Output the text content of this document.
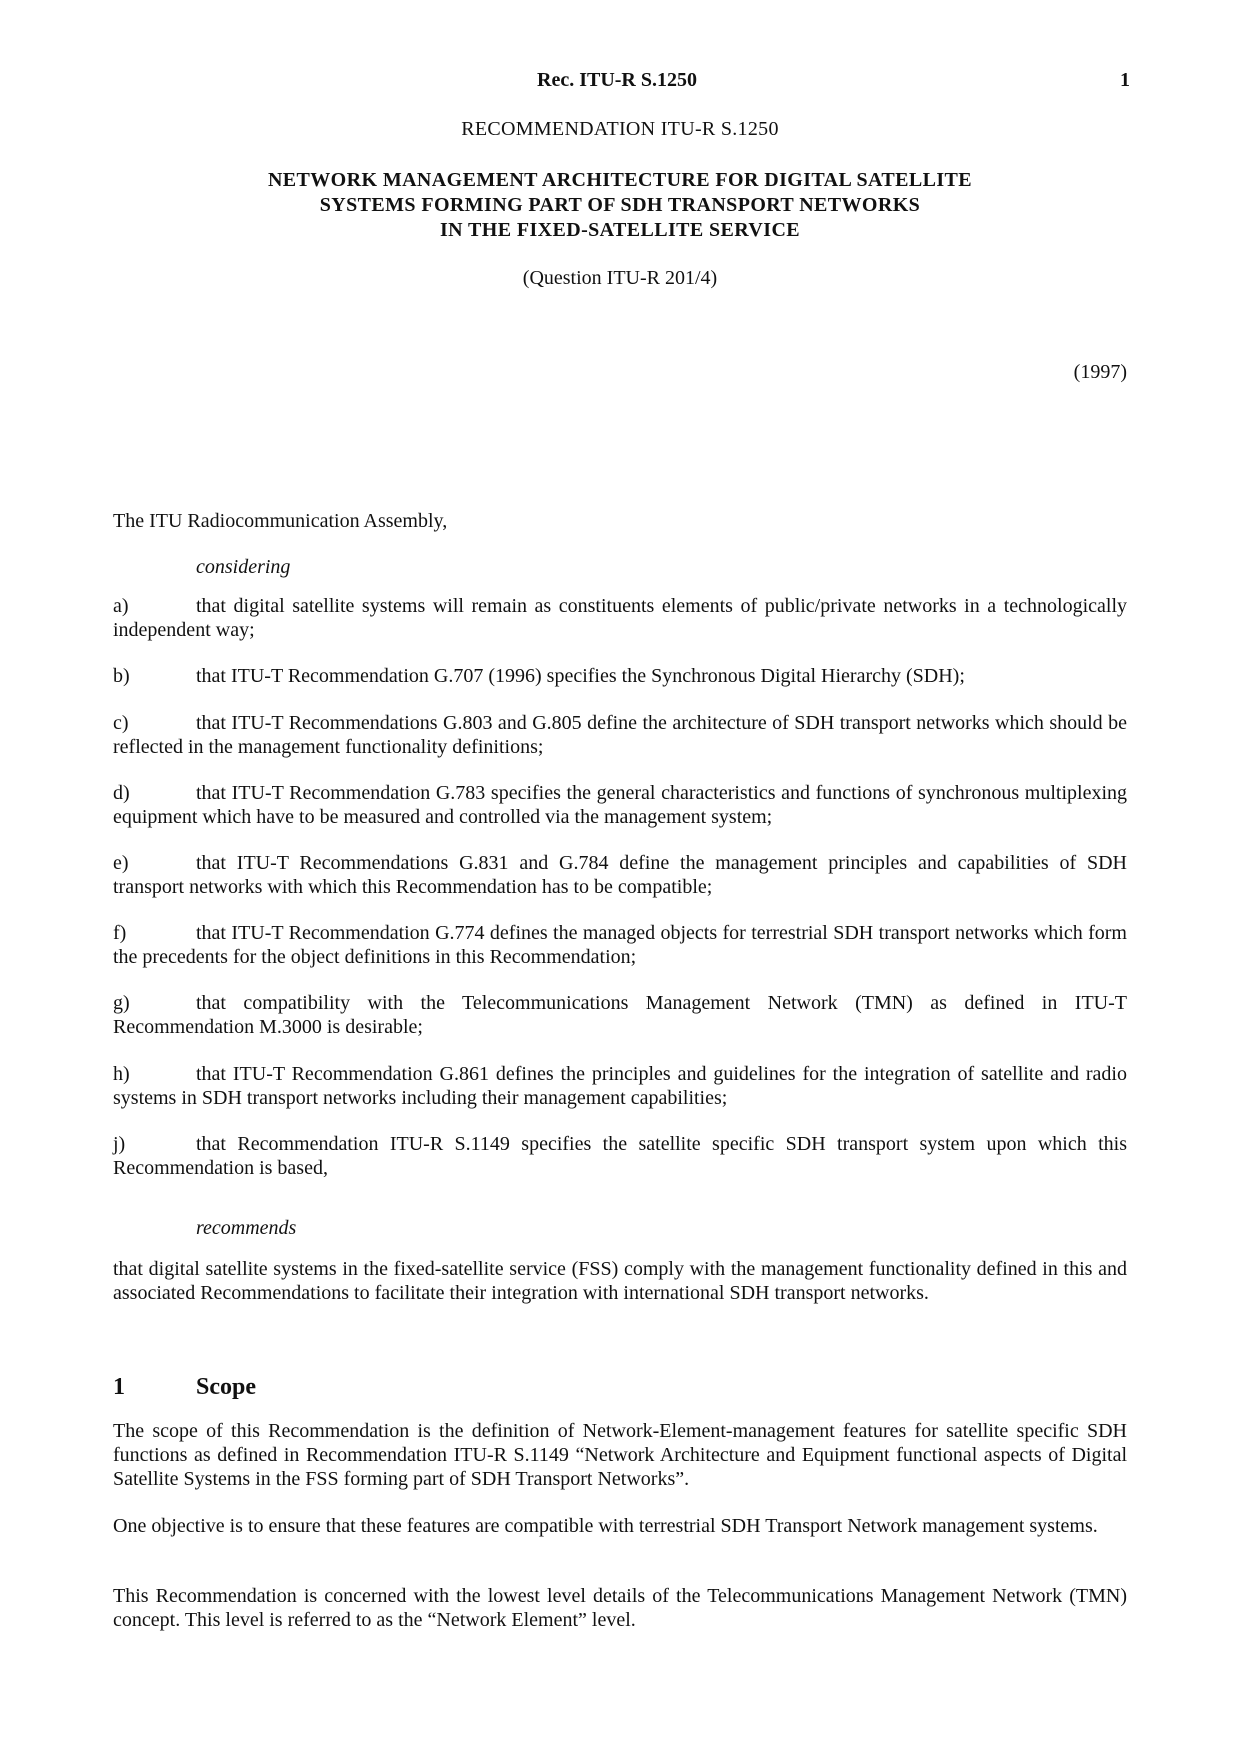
Rec. ITU-R S.1250	1
RECOMMENDATION ITU-R S.1250
NETWORK MANAGEMENT ARCHITECTURE FOR DIGITAL SATELLITE
SYSTEMS FORMING PART OF SDH TRANSPORT NETWORKS
IN THE FIXED-SATELLITE SERVICE
(Question ITU-R 201/4)
(1997)
The ITU Radiocommunication Assembly,
considering
a)	that digital satellite systems will remain as constituents elements of public/private networks in a technologically independent way;
b)	that ITU-T Recommendation G.707 (1996) specifies the Synchronous Digital Hierarchy (SDH);
c)	that ITU-T Recommendations G.803 and G.805 define the architecture of SDH transport networks which should be reflected in the management functionality definitions;
d)	that ITU-T Recommendation G.783 specifies the general characteristics and functions of synchronous multiplexing equipment which have to be measured and controlled via the management system;
e)	that ITU-T Recommendations G.831 and G.784 define the management principles and capabilities of SDH transport networks with which this Recommendation has to be compatible;
f)	that ITU-T Recommendation G.774 defines the managed objects for terrestrial SDH transport networks which form the precedents for the object definitions in this Recommendation;
g)	that compatibility with the Telecommunications Management Network (TMN) as defined in ITU-T Recommendation M.3000 is desirable;
h)	that ITU-T Recommendation G.861 defines the principles and guidelines for the integration of satellite and radio systems in SDH transport networks including their management capabilities;
j)	that Recommendation ITU-R S.1149 specifies the satellite specific SDH transport system upon which this Recommendation is based,
recommends
that digital satellite systems in the fixed-satellite service (FSS) comply with the management functionality defined in this and associated Recommendations to facilitate their integration with international SDH transport networks.
1	Scope
The scope of this Recommendation is the definition of Network-Element-management features for satellite specific SDH functions as defined in Recommendation ITU-R S.1149 “Network Architecture and Equipment functional aspects of Digital Satellite Systems in the FSS forming part of SDH Transport Networks”.
One objective is to ensure that these features are compatible with terrestrial SDH Transport Network management systems.
This Recommendation is concerned with the lowest level details of the Telecommunications Management Network (TMN) concept. This level is referred to as the “Network Element” level.
